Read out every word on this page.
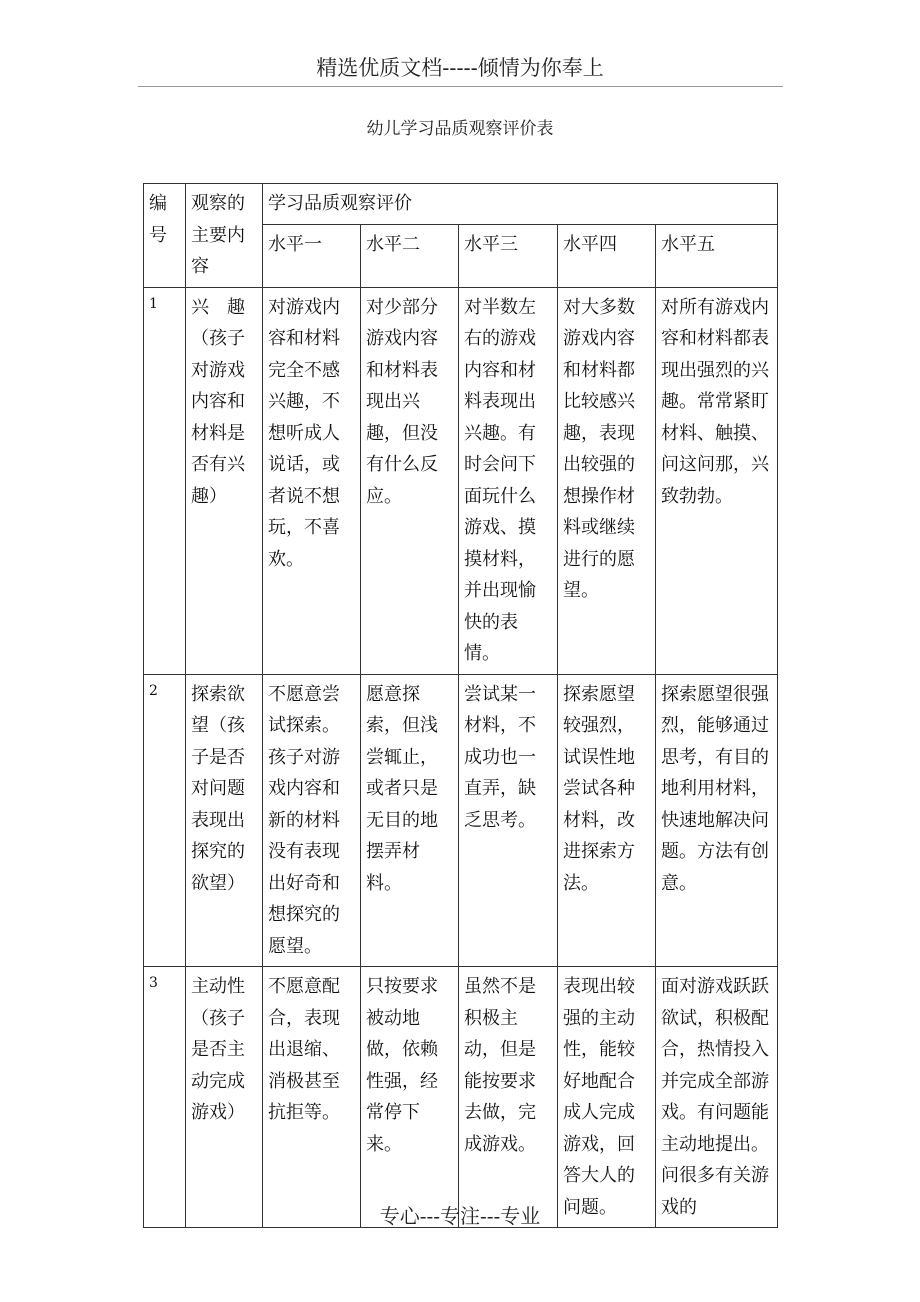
精选优质文档-----倾情为你奉上
幼儿学习品质观察评价表
编号	观察的主要内容	学习品质观察评价				
		水平一	水平二	水平三	水平四	水平五
1	兴　趣（孩子对游戏内容和材料是否有兴趣）	对游戏内容和材料完全不感兴趣，不想听成人说话，或者说不想玩，不喜欢。	对少部分游戏内容和材料表现出兴趣，但没有什么反应。	对半数左右的游戏内容和材料表现出兴趣。有时会问下面玩什么游戏、摸摸材料，并出现愉快的表情。	对大多数游戏内容和材料都比较感兴趣，表现出较强的想操作材料或继续进行的愿望。	对所有游戏内容和材料都表现出强烈的兴趣。常常紧盯材料、触摸、问这问那，兴致勃勃。
2	探索欲望（孩子是否对问题表现出探究的欲望）	不愿意尝试探索。孩子对游戏内容和新的材料没有表现出好奇和想探究的愿望。	愿意探索，但浅尝辄止，或者只是无目的地摆弄材料。	尝试某一材料，不成功也一直弄，缺乏思考。	探索愿望较强烈，试误性地尝试各种材料，改进探索方法。	探索愿望很强烈，能够通过思考，有目的地利用材料，快速地解决问题。方法有创意。
3	主动性（孩子是否主动完成游戏）	不愿意配合，表现出退缩、消极甚至抗拒等。	只按要求被动地做，依赖性强，经常停下来。	虽然不是积极主动，但是能按要求去做，完成游戏。	表现出较强的主动性，能较好地配合成人完成游戏，回答大人的问题。	面对游戏跃跃欲试，积极配合，热情投入并完成全部游戏。有问题能主动地提出。问很多有关游戏的
专心---专注---专业
